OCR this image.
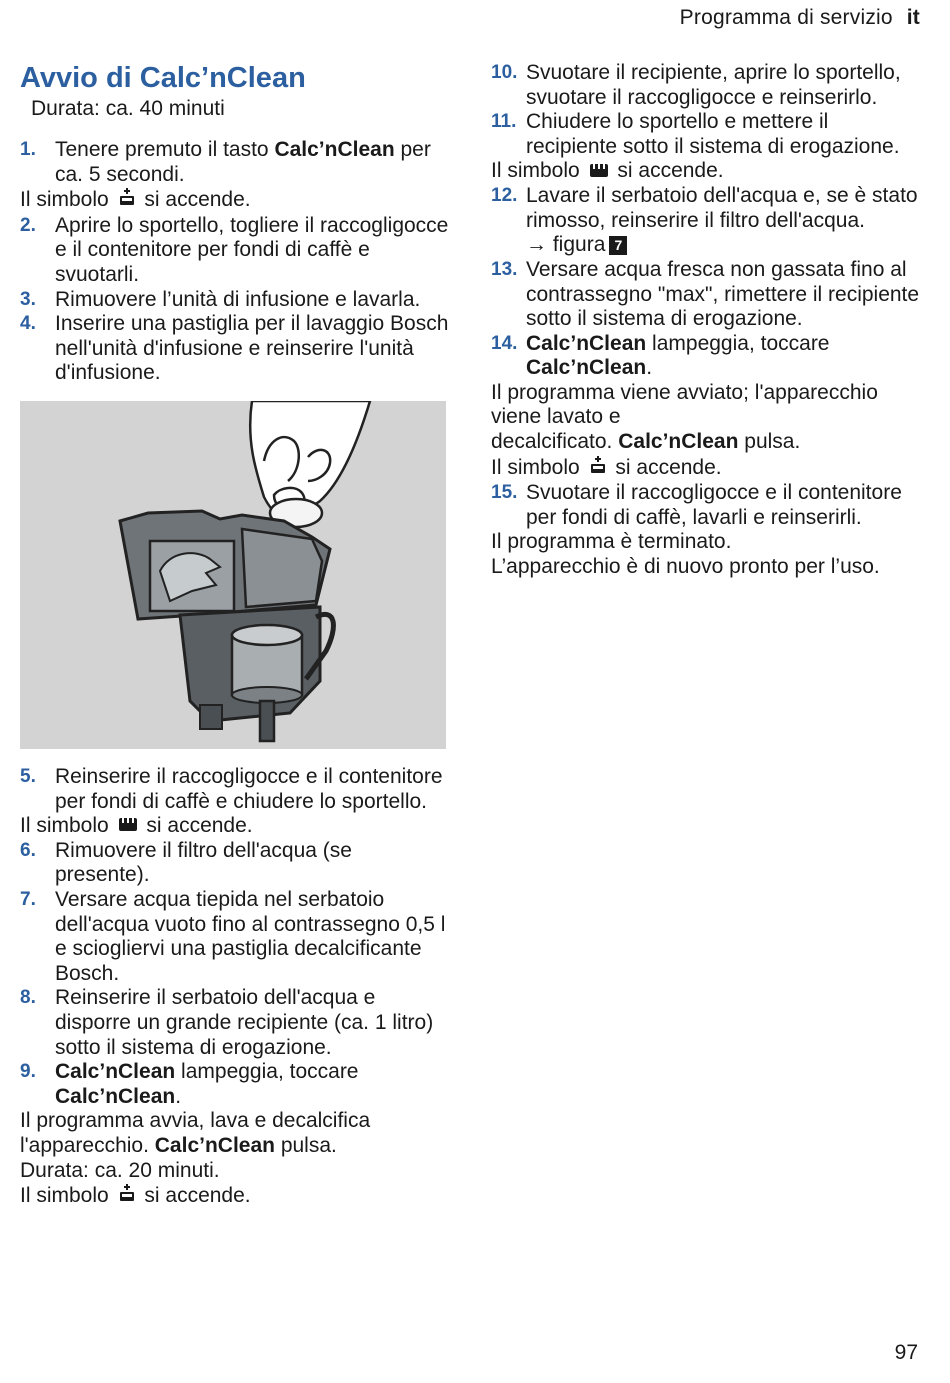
Programma di servizio it
Avvio di Calc’nClean
Durata: ca. 40 minuti
1. Tenere premuto il tasto Calc’nClean per ca. 5 secondi.
Il simbolo si accende.
2. Aprire lo sportello, togliere il raccogligocce e il contenitore per fondi di caffè e svuotarli.
3. Rimuovere l’unità di infusione e lavarla.
4. Inserire una pastiglia per il lavaggio Bosch nell'unità d'infusione e reinserire l'unità d'infusione.
5. Reinserire il raccogligocce e il contenitore per fondi di caffè e chiudere lo sportello.
Il simbolo si accende.
6. Rimuovere il filtro dell'acqua (se presente).
7. Versare acqua tiepida nel serbatoio dell'acqua vuoto fino al contrassegno 0,5 l e sciogliervi una pastiglia decalcificante Bosch.
8. Reinserire il serbatoio dell'acqua e disporre un grande recipiente (ca. 1 litro) sotto il sistema di erogazione.
9. Calc’nClean lampeggia, toccare Calc’nClean.
Il programma avvia, lava e decalcifica l'apparecchio. Calc’nClean pulsa.
Durata: ca. 20 minuti.
Il simbolo si accende.
10. Svuotare il recipiente, aprire lo sportello, svuotare il raccogligocce e reinserirlo.
11. Chiudere lo sportello e mettere il recipiente sotto il sistema di erogazione.
Il simbolo si accende.
12. Lavare il serbatoio dell'acqua e, se è stato rimosso, reinserire il filtro dell'acqua.
→ figura 7
13. Versare acqua fresca non gassata fino al contrassegno "max", rimettere il recipiente sotto il sistema di erogazione.
14. Calc’nClean lampeggia, toccare Calc’nClean.
Il programma viene avviato; l'apparecchio viene lavato e
decalcificato. Calc’nClean pulsa.
Il simbolo si accende.
15. Svuotare il raccogligocce e il contenitore per fondi di caffè, lavarli e reinserirli.
Il programma è terminato.
L’apparecchio è di nuovo pronto per l’uso.
97
